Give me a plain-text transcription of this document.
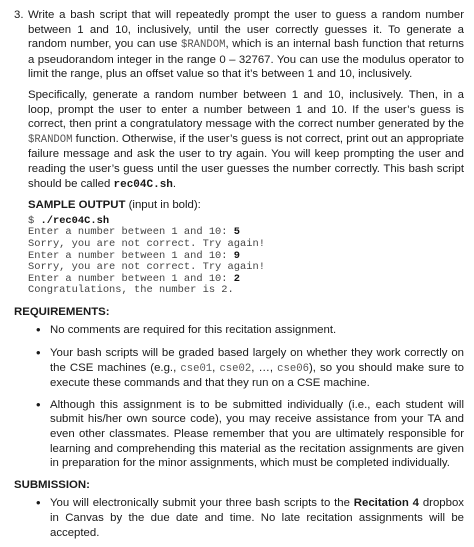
3. Write a bash script that will repeatedly prompt the user to guess a random number between 1 and 10, inclusively, until the user correctly guesses it. To generate a random number, you can use $RANDOM, which is an internal bash function that returns a pseudorandom integer in the range 0 – 32767. You can use the modulus operator to limit the range, plus an offset value so that it’s between 1 and 10, inclusively.

Specifically, generate a random number between 1 and 10, inclusively. Then, in a loop, prompt the user to enter a number between 1 and 10. If the user’s guess is correct, then print a congratulatory message with the correct number generated by the $RANDOM function. Otherwise, if the user’s guess is not correct, print out an appropriate failure message and ask the user to try again. You will keep prompting the user and reading the user’s guess until the user guesses the number correctly. This bash script should be called rec04C.sh.

SAMPLE OUTPUT (input in bold):
$ ./rec04C.sh
Enter a number between 1 and 10: 5
Sorry, you are not correct. Try again!
Enter a number between 1 and 10: 9
Sorry, you are not correct. Try again!
Enter a number between 1 and 10: 2
Congratulations, the number is 2.
REQUIREMENTS:
•
No comments are required for this recitation assignment.
•
Your bash scripts will be graded based largely on whether they work correctly on the CSE machines (e.g., cse01, cse02, …, cse06), so you should make sure to execute these commands and that they run on a CSE machine.
•
Although this assignment is to be submitted individually (i.e., each student will submit his/her own source code), you may receive assistance from your TA and even other classmates. Please remember that you are ultimately responsible for learning and comprehending this material as the recitation assignments are given in preparation for the minor assignments, which must be completed individually.
SUBMISSION:
•
You will electronically submit your three bash scripts to the Recitation 4 dropbox in Canvas by the due date and time. No late recitation assignments will be accepted.
